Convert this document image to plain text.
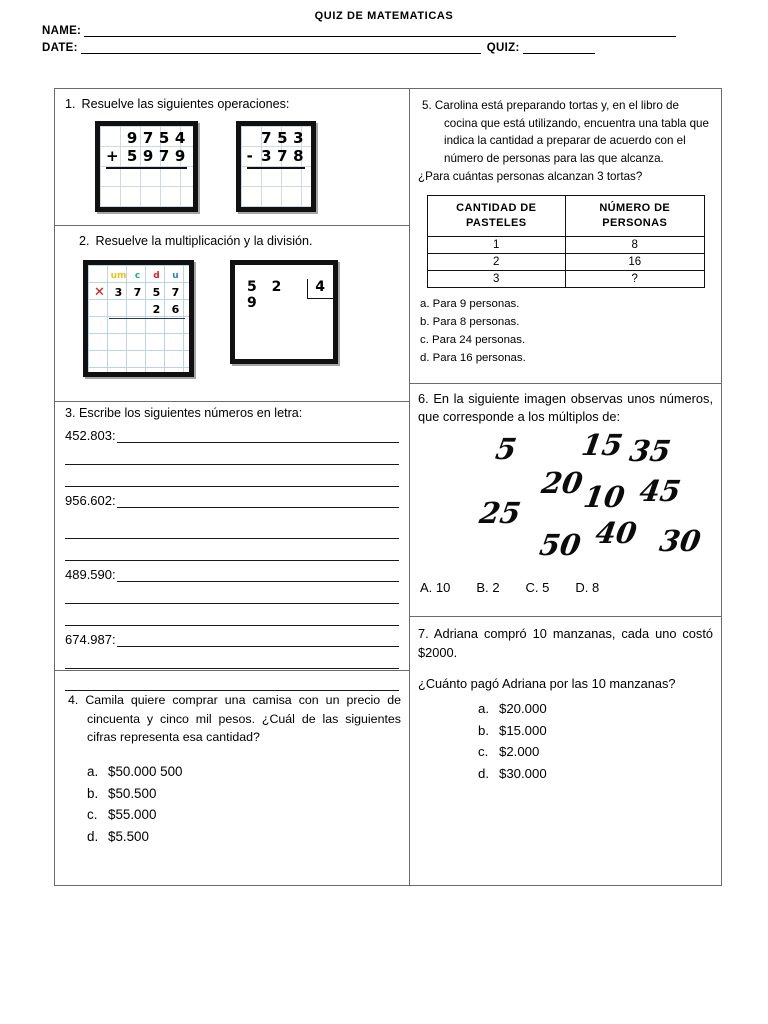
QUIZ DE MATEMATICAS
NAME:
DATE:	QUIZ:
1. Resuelve las siguientes operaciones:
9 7 5 4
+ 5 9 7 9
7 5 3
- 3 7 8
2. Resuelve la multiplicación y la división.
um c	d	u
✕ 3	7	5	7
2	6
5 2 9
4
3. Escribe los siguientes números en letra:
452.803:
956.602:
489.590:
674.987:
4. Camila quiere comprar una camisa con un precio de cincuenta y cinco mil pesos. ¿Cuál de las siguientes cifras representa esa cantidad?
a. $50.000 500
b. $50.500
c. $55.000
d. $5.500
5. Carolina está preparando tortas y, en el libro de cocina que está utilizando, encuentra una tabla que indica la cantidad a preparar de acuerdo con el número de personas para las que alcanza.
¿Para cuántas personas alcanzan 3 tortas?
CANTIDAD DE PASTELES	NÚMERO DE PERSONAS
1	8
2	16
3	?
a. Para 9 personas.
b. Para 8 personas.
c. Para 24 personas.
d. Para 16 personas.
6. En la siguiente imagen observas unos números, que corresponde a los múltiplos de:
5 15 35
20
10 45
25
50 40 30
A. 10 B. 2 C. 5 D. 8
7. Adriana compró 10 manzanas, cada uno costó $2000.
¿Cuánto pagó Adriana por las 10 manzanas?
a. $20.000
b. $15.000
c. $2.000
d. $30.000
